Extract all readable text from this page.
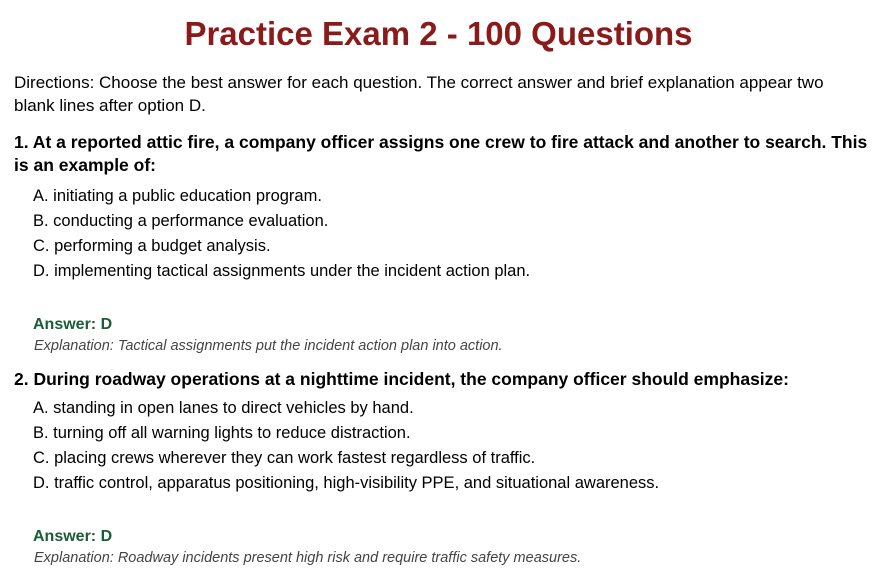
Practice Exam 2 - 100 Questions

Directions: Choose the best answer for each question. The correct answer and brief explanation appear two blank lines after option D.

1. At a reported attic fire, a company officer assigns one crew to fire attack and another to search. This is an example of:

A. initiating a public education program.
B. conducting a performance evaluation.
C. performing a budget analysis.
D. implementing tactical assignments under the incident action plan.

Answer: D

Explanation: Tactical assignments put the incident action plan into action.

2. During roadway operations at a nighttime incident, the company officer should emphasize:

A. standing in open lanes to direct vehicles by hand.
B. turning off all warning lights to reduce distraction.
C. placing crews wherever they can work fastest regardless of traffic.
D. traffic control, apparatus positioning, high-visibility PPE, and situational awareness.

Answer: D

Explanation: Roadway incidents present high risk and require traffic safety measures.
